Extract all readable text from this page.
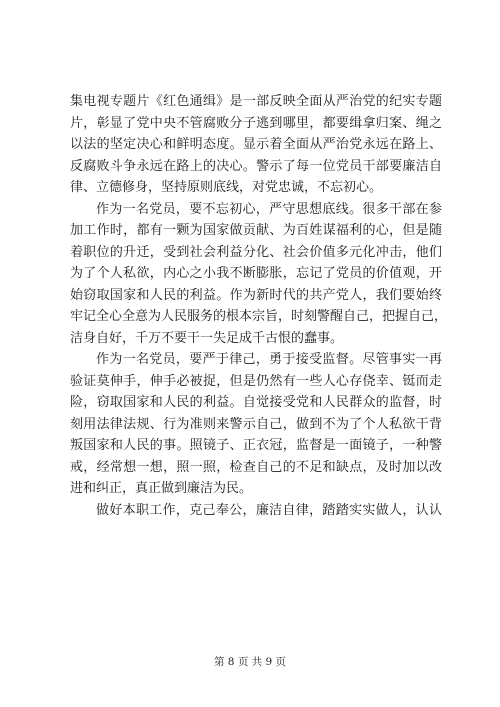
集电视专题片《红色通缉》是一部反映全面从严治党的纪实专题
片，彰显了党中央不管腐败分子逃到哪里，都要缉拿归案、绳之
以法的坚定决心和鲜明态度。显示着全面从严治党永远在路上、
反腐败斗争永远在路上的决心。警示了每一位党员干部要廉洁自
律、立德修身，坚持原则底线，对党忠诚，不忘初心。
作为一名党员，要不忘初心，严守思想底线。很多干部在参
加工作时，都有一颗为国家做贡献、为百姓谋福利的心，但是随
着职位的升迁，受到社会利益分化、社会价值多元化冲击，他们
为了个人私欲，内心之小我不断膨胀，忘记了党员的价值观，开
始窃取国家和人民的利益。作为新时代的共产党人，我们要始终
牢记全心全意为人民服务的根本宗旨，时刻警醒自己，把握自己，
洁身自好，千万不要干一失足成千古恨的蠢事。
作为一名党员，要严于律己，勇于接受监督。尽管事实一再
验证莫伸手，伸手必被捉，但是仍然有一些人心存侥幸、铤而走
险，窃取国家和人民的利益。自觉接受党和人民群众的监督，时
刻用法律法规、行为准则来警示自己，做到不为了个人私欲干背
叛国家和人民的事。照镜子、正衣冠，监督是一面镜子，一种警
戒，经常想一想，照一照，检查自己的不足和缺点，及时加以改
进和纠正，真正做到廉洁为民。
做好本职工作，克己奉公，廉洁自律，踏踏实实做人，认认
第 8 页 共 9 页
